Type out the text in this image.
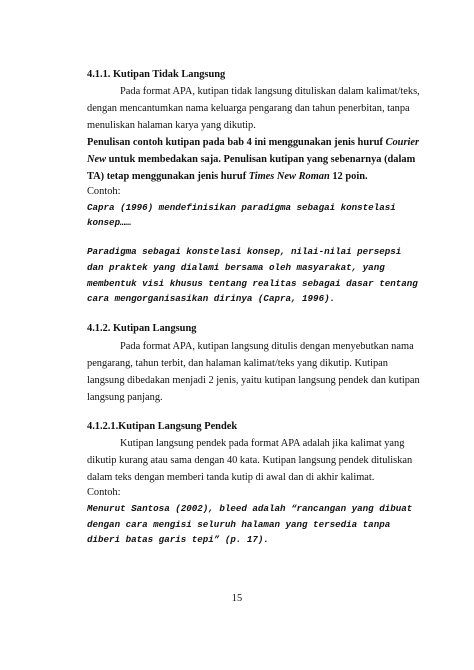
4.1.1. Kutipan Tidak Langsung
Pada format APA, kutipan tidak langsung dituliskan dalam kalimat/teks,
dengan mencantumkan nama keluarga pengarang dan tahun penerbitan, tanpa
menuliskan halaman karya yang dikutip.
Penulisan contoh kutipan pada bab 4 ini menggunakan jenis huruf Courier
New untuk membedakan saja. Penulisan kutipan yang sebenarnya (dalam
TA) tetap menggunakan jenis huruf Times New Roman 12 poin.
Contoh:
Capra (1996) mendefinisikan paradigma sebagai konstelasi
konsep……
Paradigma sebagai konstelasi konsep, nilai-nilai persepsi
dan praktek yang dialami bersama oleh masyarakat, yang
membentuk visi khusus tentang realitas sebagai dasar tentang
cara mengorganisasikan dirinya (Capra, 1996).
4.1.2. Kutipan Langsung
Pada format APA, kutipan langsung ditulis dengan menyebutkan nama
pengarang, tahun terbit, dan halaman kalimat/teks yang dikutip. Kutipan
langsung dibedakan menjadi 2 jenis, yaitu kutipan langsung pendek dan kutipan
langsung panjang.
4.1.2.1.Kutipan Langsung Pendek
Kutipan langsung pendek pada format APA adalah jika kalimat yang
dikutip kurang atau sama dengan 40 kata. Kutipan langsung pendek dituliskan
dalam teks dengan memberi tanda kutip di awal dan di akhir kalimat.
Contoh:
Menurut Santosa (2002), bleed adalah “rancangan yang dibuat
dengan cara mengisi seluruh halaman yang tersedia tanpa
diberi batas garis tepi” (p. 17).
15
